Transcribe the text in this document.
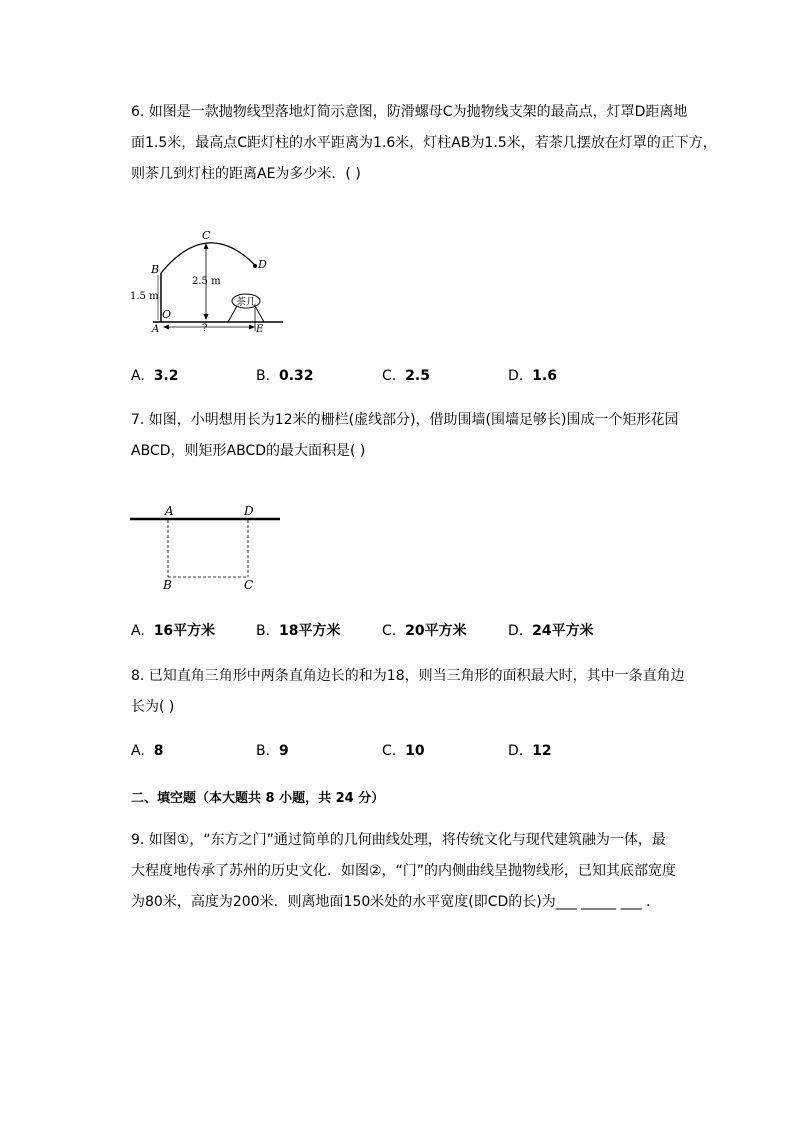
6. 如图是一款抛物线型落地灯简示意图，防滑螺母C为抛物线支架的最高点，灯罩D距离地
面1.5米，最高点C距灯柱的水平距离为1.6米，灯柱AB为1.5米，若茶几摆放在灯罩的正下方，
则茶几到灯柱的距离AE为多少米．( )
茶几
C
D
B
O
A	E
2.5 m
1.5 m
?
A. 3.2	B. 0.32	C. 2.5	D. 1.6
7. 如图，小明想用长为12米的栅栏(虚线部分)，借助围墙(围墙足够长)围成一个矩形花园
ABCD，则矩形ABCD的最大面积是( )
A	D
B	C
A. 16平方米	B. 18平方米	C. 20平方米	D. 24平方米
8. 已知直角三角形中两条直角边长的和为18，则当三角形的面积最大时，其中一条直角边
长为( )
A. 8	B. 9	C. 10	D. 12
二、填空题（本大题共 8 小题，共 24 分）
9. 如图①，“东方之门”通过简单的几何曲线处理，将传统文化与现代建筑融为一体，最
大程度地传承了苏州的历史文化．如图②，“门”的内侧曲线呈抛物线形，已知其底部宽度
为80米，高度为200米．则离地面150米处的水平宽度(即CD的长)为___ _____ ___ ．
